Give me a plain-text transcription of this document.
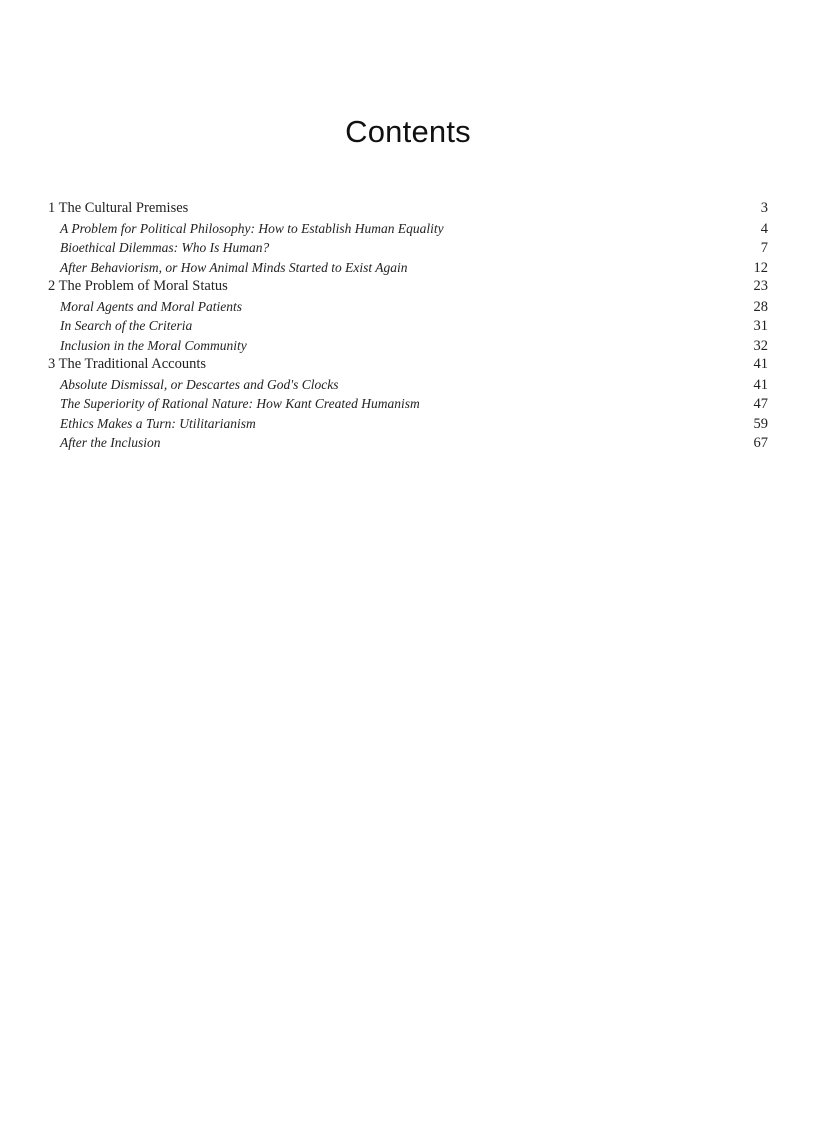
Contents
1 The Cultural Premises	3
A Problem for Political Philosophy: How to Establish Human Equality	4
Bioethical Dilemmas: Who Is Human?	7
After Behaviorism, or How Animal Minds Started to Exist Again	12
2 The Problem of Moral Status	23
Moral Agents and Moral Patients	28
In Search of the Criteria	31
Inclusion in the Moral Community	32
3 The Traditional Accounts	41
Absolute Dismissal, or Descartes and God's Clocks	41
The Superiority of Rational Nature: How Kant Created Humanism	47
Ethics Makes a Turn: Utilitarianism	59
After the Inclusion	67
